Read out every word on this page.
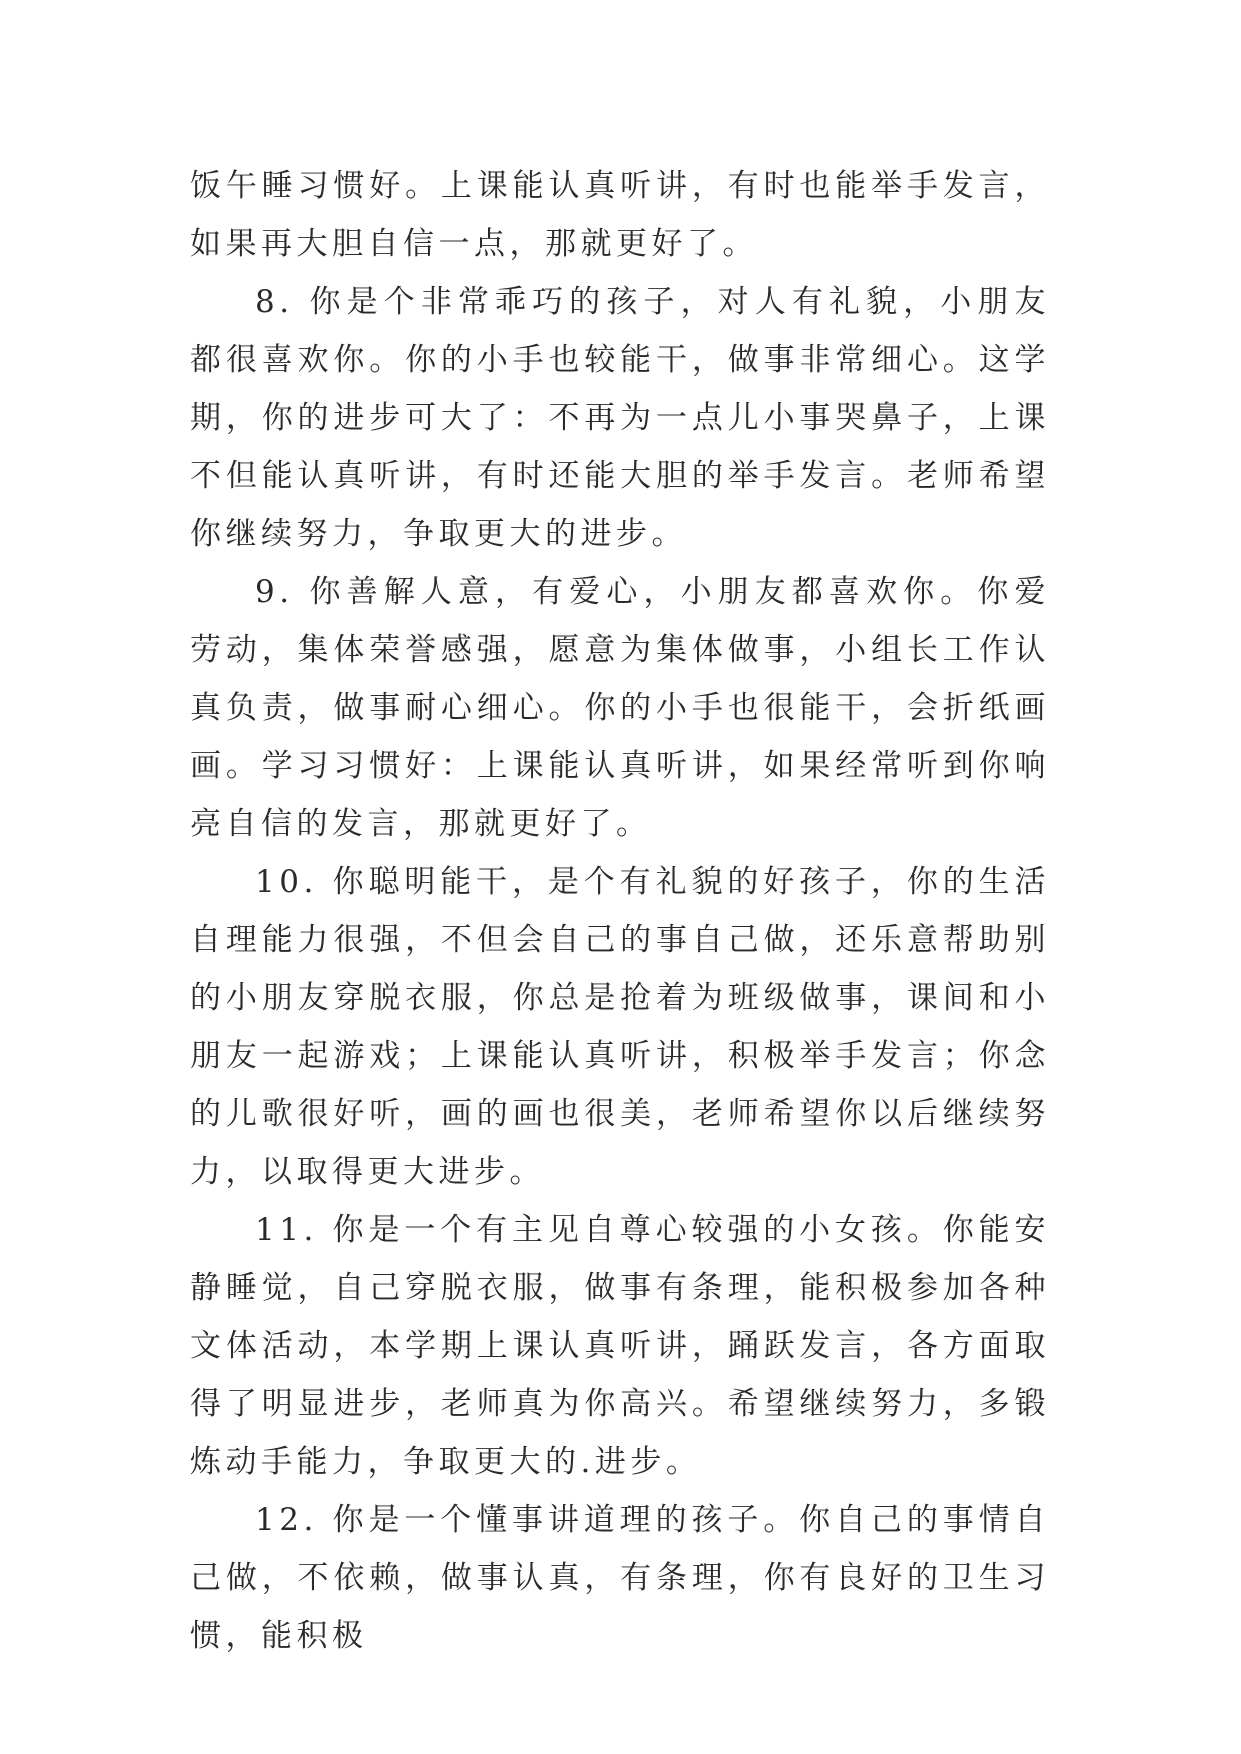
饭午睡习惯好。上课能认真听讲，有时也能举手发言，如果再大胆自信一点，那就更好了。

8. 你是个非常乖巧的孩子，对人有礼貌，小朋友都很喜欢你。你的小手也较能干，做事非常细心。这学期，你的进步可大了：不再为一点儿小事哭鼻子，上课不但能认真听讲，有时还能大胆的举手发言。老师希望你继续努力，争取更大的进步。

9. 你善解人意，有爱心，小朋友都喜欢你。你爱劳动，集体荣誉感强，愿意为集体做事，小组长工作认真负责，做事耐心细心。你的小手也很能干，会折纸画画。学习习惯好：上课能认真听讲，如果经常听到你响亮自信的发言，那就更好了。

10. 你聪明能干，是个有礼貌的好孩子，你的生活自理能力很强，不但会自己的事自己做，还乐意帮助别的小朋友穿脱衣服，你总是抢着为班级做事，课间和小朋友一起游戏；上课能认真听讲，积极举手发言；你念的儿歌很好听，画的画也很美，老师希望你以后继续努力，以取得更大进步。

11. 你是一个有主见自尊心较强的小女孩。你能安静睡觉，自己穿脱衣服，做事有条理，能积极参加各种文体活动，本学期上课认真听讲，踊跃发言，各方面取得了明显进步，老师真为你高兴。希望继续努力，多锻炼动手能力，争取更大的.进步。

12. 你是一个懂事讲道理的孩子。你自己的事情自己做，不依赖，做事认真，有条理，你有良好的卫生习惯，能积极
